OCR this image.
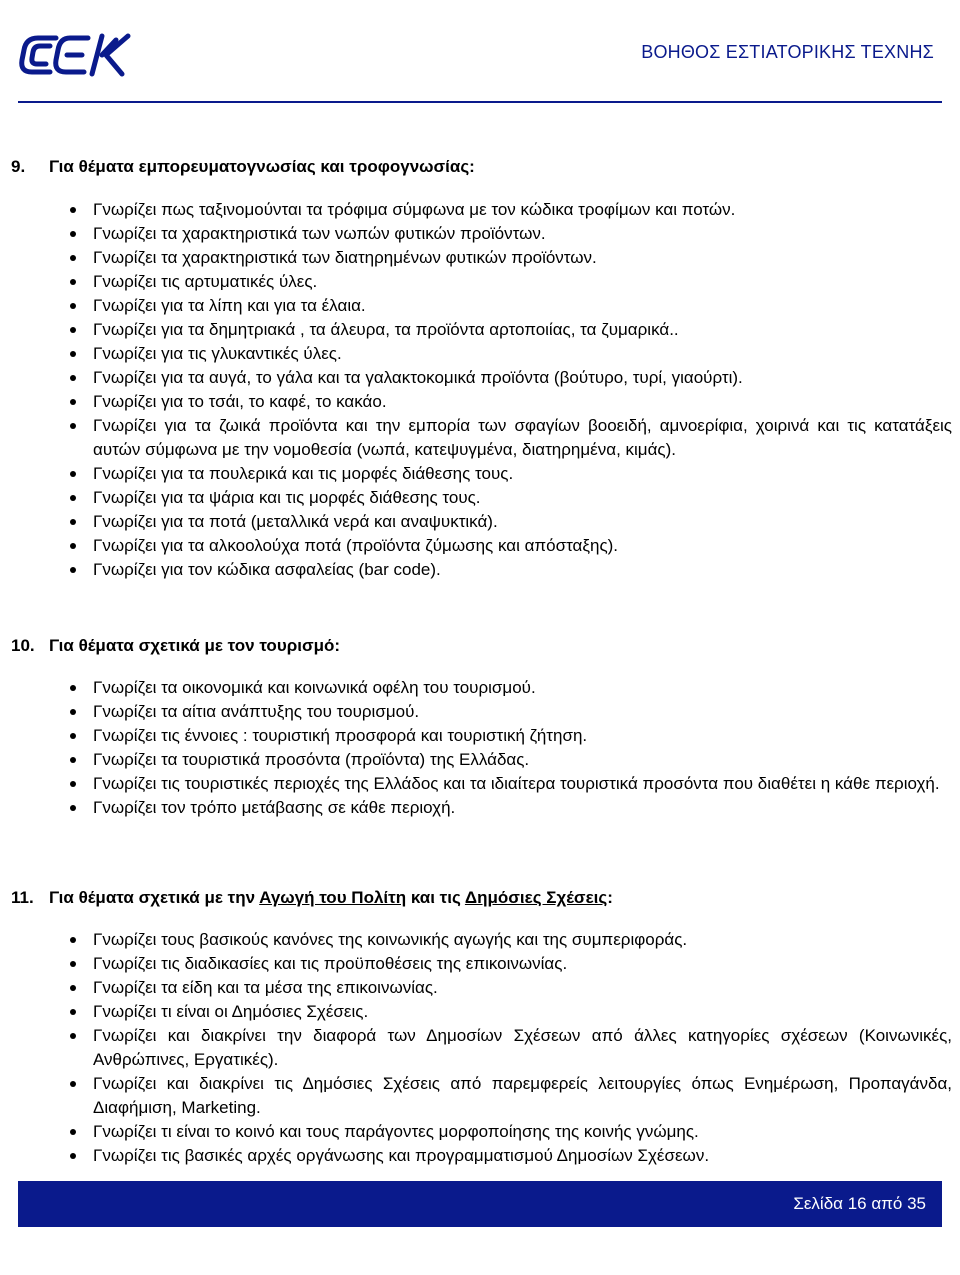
ΒΟΗΘΟΣ ΕΣΤΙΑΤΟΡΙΚΗΣ ΤΕΧΝΗΣ
9. Για θέματα εμπορευματογνωσίας και τροφογνωσίας:
Γνωρίζει πως ταξινομούνται τα τρόφιμα σύμφωνα με τον κώδικα τροφίμων και ποτών.
Γνωρίζει τα χαρακτηριστικά των νωπών φυτικών προϊόντων.
Γνωρίζει τα χαρακτηριστικά των διατηρημένων φυτικών προϊόντων.
Γνωρίζει τις αρτυματικές ύλες.
Γνωρίζει για τα λίπη και για τα έλαια.
Γνωρίζει για τα δημητριακά , τα άλευρα, τα προϊόντα αρτοποιίας, τα ζυμαρικά..
Γνωρίζει για τις γλυκαντικές ύλες.
Γνωρίζει για τα αυγά, το γάλα και τα γαλακτοκομικά προϊόντα (βούτυρο, τυρί, γιαούρτι).
Γνωρίζει για το τσάι, το καφέ, το κακάο.
Γνωρίζει για τα ζωικά προϊόντα και την εμπορία των σφαγίων βοοειδή, αμνοερίφια, χοιρινά και τις κατατάξεις αυτών σύμφωνα με την νομοθεσία (νωπά, κατεψυγμένα, διατηρημένα, κιμάς).
Γνωρίζει για τα πουλερικά και τις μορφές διάθεσης τους.
Γνωρίζει για τα ψάρια και τις μορφές διάθεσης τους.
Γνωρίζει για τα ποτά (μεταλλικά νερά και αναψυκτικά).
Γνωρίζει για τα αλκοολούχα ποτά (προϊόντα ζύμωσης και απόσταξης).
Γνωρίζει για τον κώδικα ασφαλείας (bar code).
10. Για θέματα σχετικά με τον τουρισμό:
Γνωρίζει τα οικονομικά και κοινωνικά οφέλη του τουρισμού.
Γνωρίζει τα αίτια ανάπτυξης του τουρισμού.
Γνωρίζει τις έννοιες : τουριστική προσφορά και τουριστική ζήτηση.
Γνωρίζει τα τουριστικά προσόντα (προϊόντα) της Ελλάδας.
Γνωρίζει τις τουριστικές περιοχές της Ελλάδος και τα ιδιαίτερα τουριστικά προσόντα που διαθέτει η κάθε περιοχή.
Γνωρίζει τον τρόπο μετάβασης σε κάθε περιοχή.
11. Για θέματα σχετικά με την Αγωγή του Πολίτη και τις Δημόσιες Σχέσεις:
Γνωρίζει τους βασικούς κανόνες της κοινωνικής αγωγής και της συμπεριφοράς.
Γνωρίζει τις διαδικασίες και τις προϋποθέσεις της επικοινωνίας.
Γνωρίζει τα είδη και τα μέσα της επικοινωνίας.
Γνωρίζει τι είναι οι Δημόσιες Σχέσεις.
Γνωρίζει και διακρίνει την διαφορά των Δημοσίων Σχέσεων από άλλες κατηγορίες σχέσεων (Κοινωνικές, Ανθρώπινες, Εργατικές).
Γνωρίζει και διακρίνει τις Δημόσιες Σχέσεις από παρεμφερείς λειτουργίες όπως Ενημέρωση, Προπαγάνδα, Διαφήμιση, Marketing.
Γνωρίζει τι είναι το κοινό και τους παράγοντες μορφοποίησης της κοινής γνώμης.
Γνωρίζει τις βασικές αρχές οργάνωσης και προγραμματισμού Δημοσίων Σχέσεων.
Σελίδα 16 από 35
